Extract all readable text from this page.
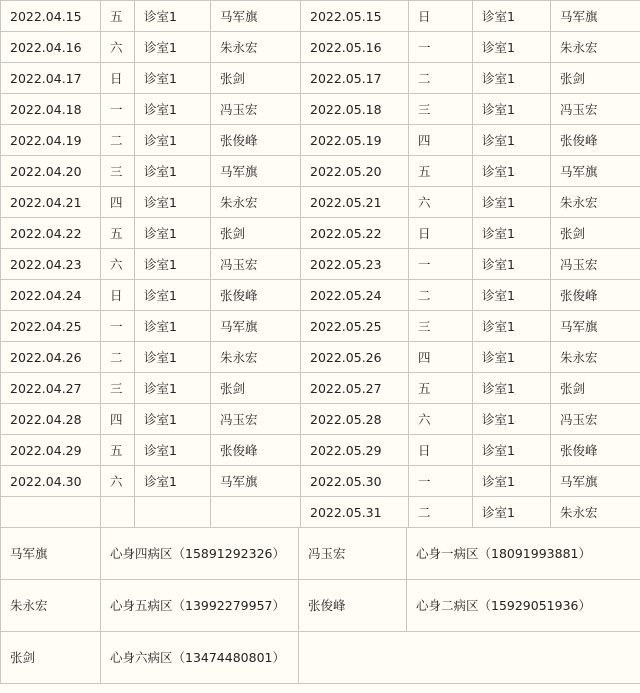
2022.04.15	五	诊室1	马军旗	2022.05.15	日	诊室1	马军旗
2022.04.16	六	诊室1	朱永宏	2022.05.16	一	诊室1	朱永宏
2022.04.17	日	诊室1	张剑	2022.05.17	二	诊室1	张剑
2022.04.18	一	诊室1	冯玉宏	2022.05.18	三	诊室1	冯玉宏
2022.04.19	二	诊室1	张俊峰	2022.05.19	四	诊室1	张俊峰
2022.04.20	三	诊室1	马军旗	2022.05.20	五	诊室1	马军旗
2022.04.21	四	诊室1	朱永宏	2022.05.21	六	诊室1	朱永宏
2022.04.22	五	诊室1	张剑	2022.05.22	日	诊室1	张剑
2022.04.23	六	诊室1	冯玉宏	2022.05.23	一	诊室1	冯玉宏
2022.04.24	日	诊室1	张俊峰	2022.05.24	二	诊室1	张俊峰
2022.04.25	一	诊室1	马军旗	2022.05.25	三	诊室1	马军旗
2022.04.26	二	诊室1	朱永宏	2022.05.26	四	诊室1	朱永宏
2022.04.27	三	诊室1	张剑	2022.05.27	五	诊室1	张剑
2022.04.28	四	诊室1	冯玉宏	2022.05.28	六	诊室1	冯玉宏
2022.04.29	五	诊室1	张俊峰	2022.05.29	日	诊室1	张俊峰
2022.04.30	六	诊室1	马军旗	2022.05.30	一	诊室1	马军旗
				2022.05.31	二	诊室1	朱永宏
马军旗	心身四病区（15891292326）	冯玉宏	心身一病区（18091993881）
朱永宏	心身五病区（13992279957）	张俊峰	心身二病区（15929051936）
张剑	心身六病区（13474480801）		
